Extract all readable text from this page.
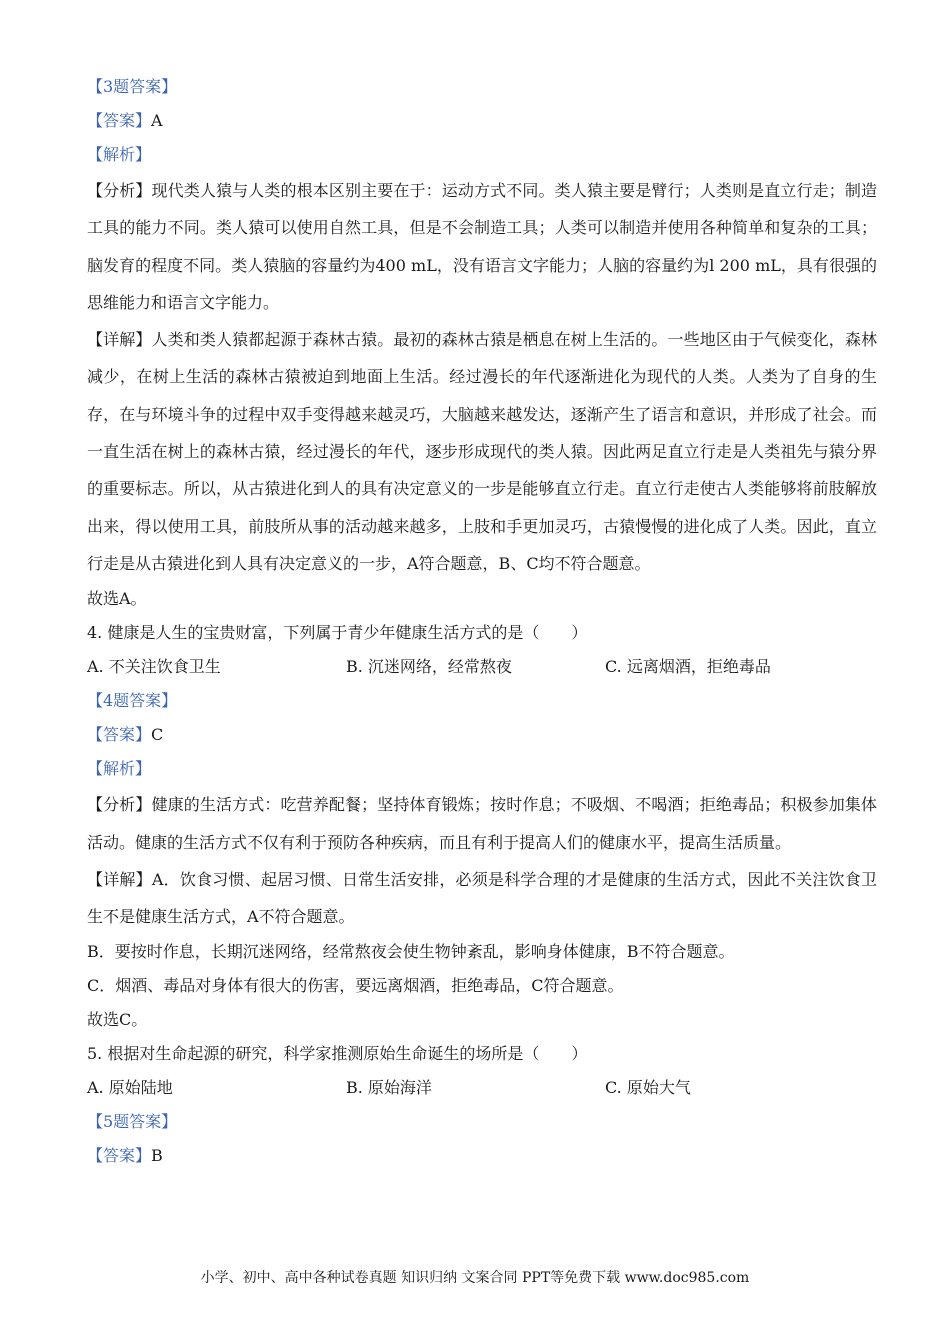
【3题答案】
【答案】A
【解析】
【分析】现代类人猿与人类的根本区别主要在于：运动方式不同。类人猿主要是臂行；人类则是直立行走；制造工具的能力不同。类人猿可以使用自然工具，但是不会制造工具；人类可以制造并使用各种简单和复杂的工具；脑发育的程度不同。类人猿脑的容量约为400 mL，没有语言文字能力；人脑的容量约为l 200 mL，具有很强的思维能力和语言文字能力。
【详解】人类和类人猿都起源于森林古猿。最初的森林古猿是栖息在树上生活的。一些地区由于气候变化，森林减少，在树上生活的森林古猿被迫到地面上生活。经过漫长的年代逐渐进化为现代的人类。人类为了自身的生存，在与环境斗争的过程中双手变得越来越灵巧，大脑越来越发达，逐渐产生了语言和意识，并形成了社会。而一直生活在树上的森林古猿，经过漫长的年代，逐步形成现代的类人猿。因此两足直立行走是人类祖先与猿分界的重要标志。所以，从古猿进化到人的具有决定意义的一步是能够直立行走。直立行走使古人类能够将前肢解放出来，得以使用工具，前肢所从事的活动越来越多，上肢和手更加灵巧，古猿慢慢的进化成了人类。因此，直立行走是从古猿进化到人具有决定意义的一步，A符合题意，B、C均不符合题意。
故选A。
4. 健康是人生的宝贵财富，下列属于青少年健康生活方式的是（　　）
A. 不关注饮食卫生	B. 沉迷网络，经常熬夜	C. 远离烟酒，拒绝毒品
【4题答案】
【答案】C
【解析】
【分析】健康的生活方式：吃营养配餐；坚持体育锻炼；按时作息；不吸烟、不喝酒；拒绝毒品；积极参加集体活动。健康的生活方式不仅有利于预防各种疾病，而且有利于提高人们的健康水平，提高生活质量。
【详解】A．饮食习惯、起居习惯、日常生活安排，必须是科学合理的才是健康的生活方式，因此不关注饮食卫生不是健康生活方式，A不符合题意。
B．要按时作息，长期沉迷网络，经常熬夜会使生物钟紊乱，影响身体健康，B不符合题意。
C．烟酒、毒品对身体有很大的伤害，要远离烟酒，拒绝毒品，C符合题意。
故选C。
5. 根据对生命起源的研究，科学家推测原始生命诞生的场所是（　　）
A. 原始陆地	B. 原始海洋	C. 原始大气
【5题答案】
【答案】B
小学、初中、高中各种试卷真题 知识归纳 文案合同 PPT等免费下载 www.doc985.com
